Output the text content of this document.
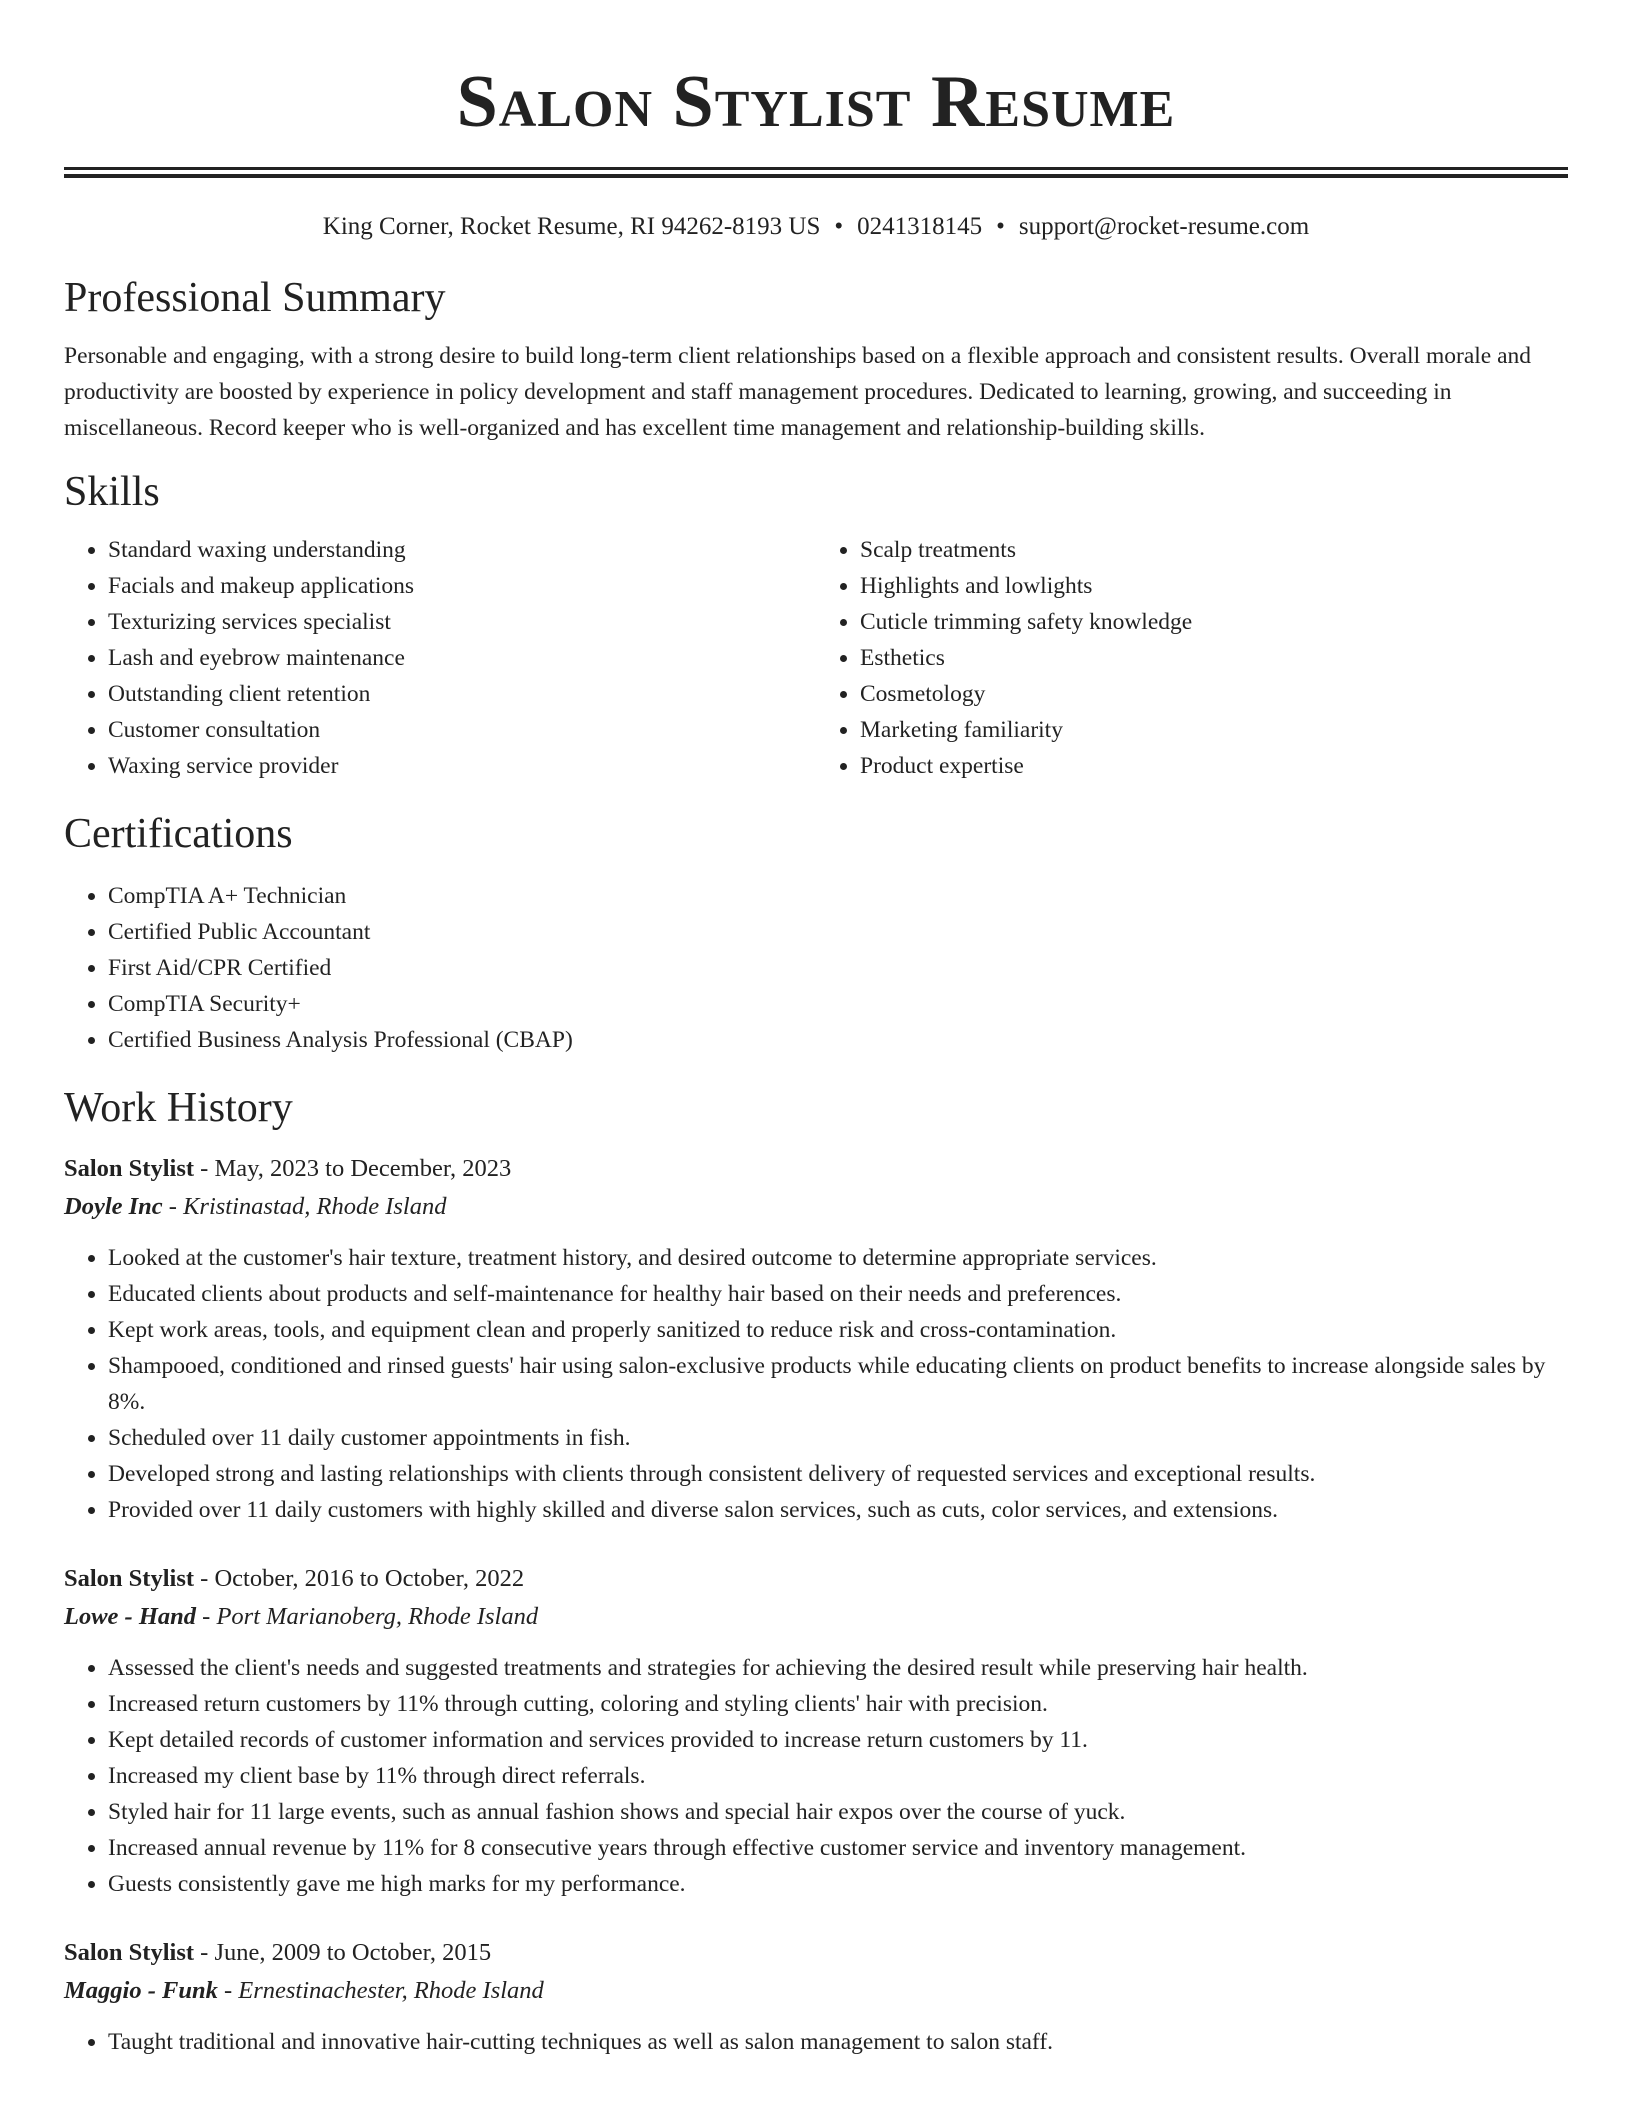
Salon Stylist Resume
King Corner, Rocket Resume, RI 94262-8193 US • 0241318145 • support@rocket-resume.com
Professional Summary

Personable and engaging, with a strong desire to build long-term client relationships based on a flexible approach and consistent results. Overall morale and productivity are boosted by experience in policy development and staff management procedures. Dedicated to learning, growing, and succeeding in miscellaneous. Record keeper who is well-organized and has excellent time management and relationship-building skills.

Skills
• Standard waxing understanding
• Facials and makeup applications
• Texturizing services specialist
• Lash and eyebrow maintenance
• Outstanding client retention
• Customer consultation
• Waxing service provider
• Scalp treatments
• Highlights and lowlights
• Cuticle trimming safety knowledge
• Esthetics
• Cosmetology
• Marketing familiarity
• Product expertise
Certifications
• CompTIA A+ Technician
• Certified Public Accountant
• First Aid/CPR Certified
• CompTIA Security+
• Certified Business Analysis Professional (CBAP)
Work History
Salon Stylist - May, 2023 to December, 2023
Doyle Inc - Kristinastad, Rhode Island
• Looked at the customer's hair texture, treatment history, and desired outcome to determine appropriate services.
• Educated clients about products and self-maintenance for healthy hair based on their needs and preferences.
• Kept work areas, tools, and equipment clean and properly sanitized to reduce risk and cross-contamination.
• Shampooed, conditioned and rinsed guests' hair using salon-exclusive products while educating clients on product benefits to increase alongside sales by 8%.
• Scheduled over 11 daily customer appointments in fish.
• Developed strong and lasting relationships with clients through consistent delivery of requested services and exceptional results.
• Provided over 11 daily customers with highly skilled and diverse salon services, such as cuts, color services, and extensions.
Salon Stylist - October, 2016 to October, 2022
Lowe - Hand - Port Marianoberg, Rhode Island
• Assessed the client's needs and suggested treatments and strategies for achieving the desired result while preserving hair health.
• Increased return customers by 11% through cutting, coloring and styling clients' hair with precision.
• Kept detailed records of customer information and services provided to increase return customers by 11.
• Increased my client base by 11% through direct referrals.
• Styled hair for 11 large events, such as annual fashion shows and special hair expos over the course of yuck.
• Increased annual revenue by 11% for 8 consecutive years through effective customer service and inventory management.
• Guests consistently gave me high marks for my performance.
Salon Stylist - June, 2009 to October, 2015
Maggio - Funk - Ernestinachester, Rhode Island
• Taught traditional and innovative hair-cutting techniques as well as salon management to salon staff.
